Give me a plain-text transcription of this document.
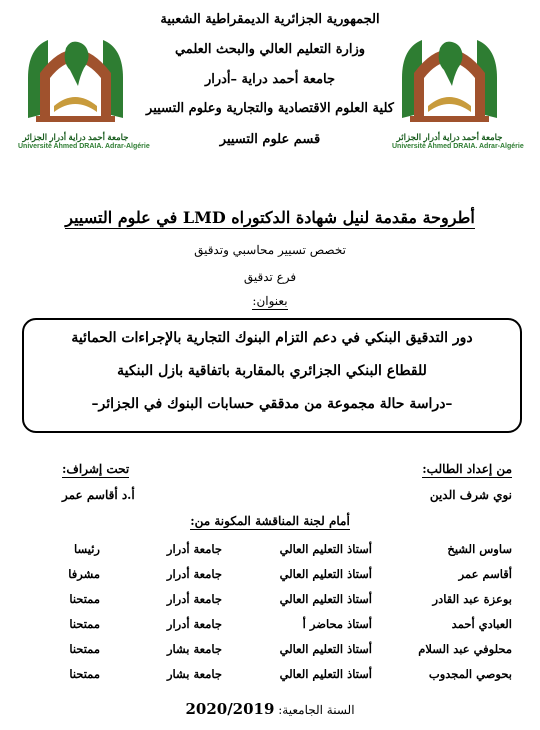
جامعة أحمد دراية أدرار الجزائر
Université Ahmed DRAIA. Adrar-Algérie
جامعة أحمد دراية أدرار الجزائر
Université Ahmed DRAIA. Adrar-Algérie
الجمهورية الجزائرية الديمقراطية الشعبية
وزارة التعليم العالي والبحث العلمي
جامعة أحمد دراية –أدرار
كلية العلوم الاقتصادية والتجارية وعلوم التسيير
قسم علوم التسيير
أطروحة مقدمة لنيل شهادة الدكتوراه LMD في علوم التسيير
تخصص تسيير محاسبي وتدقيق
فرع تدقيق
بعنوان:
دور التدقيق البنكي في دعم التزام البنوك التجارية بالإجراءات الحمائية
للقطاع البنكي الجزائري بالمقاربة باتفاقية بازل البنكية
–دراسة حالة مجموعة من مدققي حسابات البنوك في الجزائر–
من إعداد الطالب:
نوي شرف الدين
تحت إشراف:
أ.د أقاسم عمر
أمام لجنة المناقشة المكونة من:
ساوس الشيخ
أستاذ التعليم العالي
جامعة أدرار
رئيسا
أقاسم عمر
أستاذ التعليم العالي
جامعة أدرار
مشرفا
بوعزة عبد القادر
أستاذ التعليم العالي
جامعة أدرار
ممتحنا
العبادي أحمد
أستاذ محاضر أ
جامعة أدرار
ممتحنا
محلوفي عبد السلام
أستاذ التعليم العالي
جامعة بشار
ممتحنا
بحوصي المجدوب
أستاذ التعليم العالي
جامعة بشار
ممتحنا
السنة الجامعية: 2020/2019
